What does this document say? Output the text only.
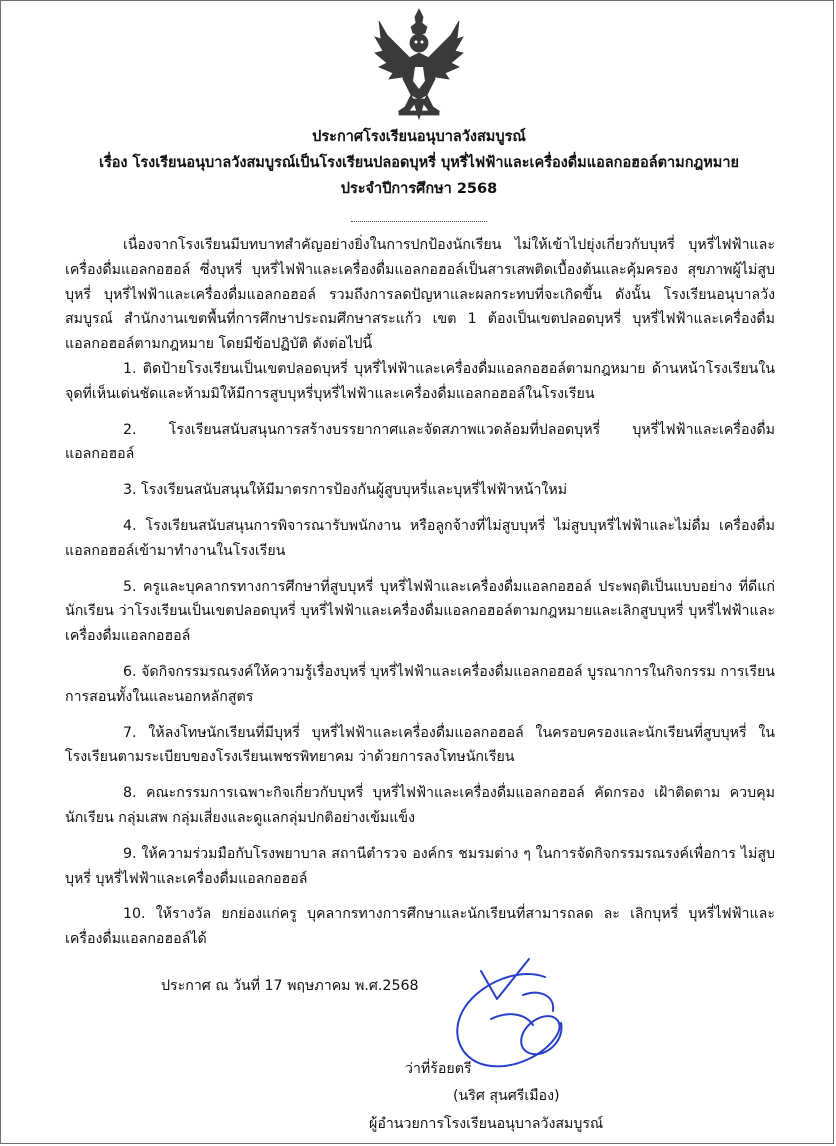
ประกาศโรงเรียนอนุบาลวังสมบูรณ์
เรื่อง โรงเรียนอนุบาลวังสมบูรณ์เป็นโรงเรียนปลอดบุหรี่ บุหรี่ไฟฟ้าและเครื่องดื่มแอลกอฮอล์ตามกฎหมาย
ประจำปีการศึกษา 2568

เนื่องจากโรงเรียนมีบทบาทสำคัญอย่างยิ่งในการปกป้องนักเรียน ไม่ให้เข้าไปยุ่งเกี่ยวกับบุหรี่ บุหรี่ไฟฟ้าและเครื่องดื่มแอลกอฮอล์ ซึ่งบุหรี่ บุหรี่ไฟฟ้าและเครื่องดื่มแอลกอฮอล์เป็นสารเสพติดเบื้องต้นและคุ้มครอง สุขภาพผู้ไม่สูบบุหรี่ บุหรี่ไฟฟ้าและเครื่องดื่มแอลกอฮอล์ รวมถึงการลดปัญหาและผลกระทบที่จะเกิดขึ้น ดังนั้น โรงเรียนอนุบาลวังสมบูรณ์ สำนักงานเขตพื้นที่การศึกษาประถมศึกษาสระแก้ว เขต 1 ต้องเป็นเขตปลอดบุหรี่ บุหรี่ไฟฟ้าและเครื่องดื่มแอลกอฮอล์ตามกฎหมาย โดยมีข้อปฏิบัติ ดังต่อไปนี้

1. ติดป้ายโรงเรียนเป็นเขตปลอดบุหรี่ บุหรี่ไฟฟ้าและเครื่องดื่มแอลกอฮอล์ตามกฎหมาย ด้านหน้าโรงเรียนในจุดที่เห็นเด่นชัดและห้ามมิให้มีการสูบบุหรี่บุหรี่ไฟฟ้าและเครื่องดื่มแอลกอฮอล์ในโรงเรียน

2. โรงเรียนสนับสนุนการสร้างบรรยากาศและจัดสภาพแวดล้อมที่ปลอดบุหรี่ บุหรี่ไฟฟ้าและเครื่องดื่มแอลกอฮอล์

3. โรงเรียนสนับสนุนให้มีมาตรการป้องกันผู้สูบบุหรี่และบุหรี่ไฟฟ้าหน้าใหม่

4. โรงเรียนสนับสนุนการพิจารณารับพนักงาน หรือลูกจ้างที่ไม่สูบบุหรี่ ไม่สูบบุหรี่ไฟฟ้าและไม่ดื่ม เครื่องดื่มแอลกอฮอล์เข้ามาทำงานในโรงเรียน

5. ครูและบุคลากรทางการศึกษาที่สูบบุหรี่ บุหรี่ไฟฟ้าและเครื่องดื่มแอลกอฮอล์ ประพฤติเป็นแบบอย่าง ที่ดีแก่นักเรียน ว่าโรงเรียนเป็นเขตปลอดบุหรี่ บุหรี่ไฟฟ้าและเครื่องดื่มแอลกอฮอล์ตามกฎหมายและเลิกสูบบุหรี่ บุหรี่ไฟฟ้าและเครื่องดื่มแอลกอฮอล์

6. จัดกิจกรรมรณรงค์ให้ความรู้เรื่องบุหรี่ บุหรี่ไฟฟ้าและเครื่องดื่มแอลกอฮอล์ บูรณาการในกิจกรรม การเรียนการสอนทั้งในและนอกหลักสูตร

7. ให้ลงโทษนักเรียนที่มีบุหรี่ บุหรี่ไฟฟ้าและเครื่องดื่มแอลกอฮอล์ ในครอบครองและนักเรียนที่สูบบุหรี่ ในโรงเรียนตามระเบียบของโรงเรียนเพชรพิทยาคม ว่าด้วยการลงโทษนักเรียน

8. คณะกรรมการเฉพาะกิจเกี่ยวกับบุหรี่ บุหรี่ไฟฟ้าและเครื่องดื่มแอลกอฮอล์ คัดกรอง เฝ้าติดตาม ควบคุมนักเรียน กลุ่มเสพ กลุ่มเสี่ยงและดูแลกลุ่มปกติอย่างเข้มแข็ง

9. ให้ความร่วมมือกับโรงพยาบาล สถานีตำรวจ องค์กร ชมรมต่าง ๆ ในการจัดกิจกรรมรณรงค์เพื่อการ ไม่สูบบุหรี่ บุหรี่ไฟฟ้าและเครื่องดื่มแอลกอฮอล์

10. ให้รางวัล ยกย่องแก่ครู บุคลากรทางการศึกษาและนักเรียนที่สามารถลด ละ เลิกบุหรี่ บุหรี่ไฟฟ้าและเครื่องดื่มแอลกอฮอล์ได้

ประกาศ ณ วันที่ 17 พฤษภาคม พ.ศ.2568
ว่าที่ร้อยตรี
(นริศ สุนศรีเมือง)
ผู้อำนวยการโรงเรียนอนุบาลวังสมบูรณ์
